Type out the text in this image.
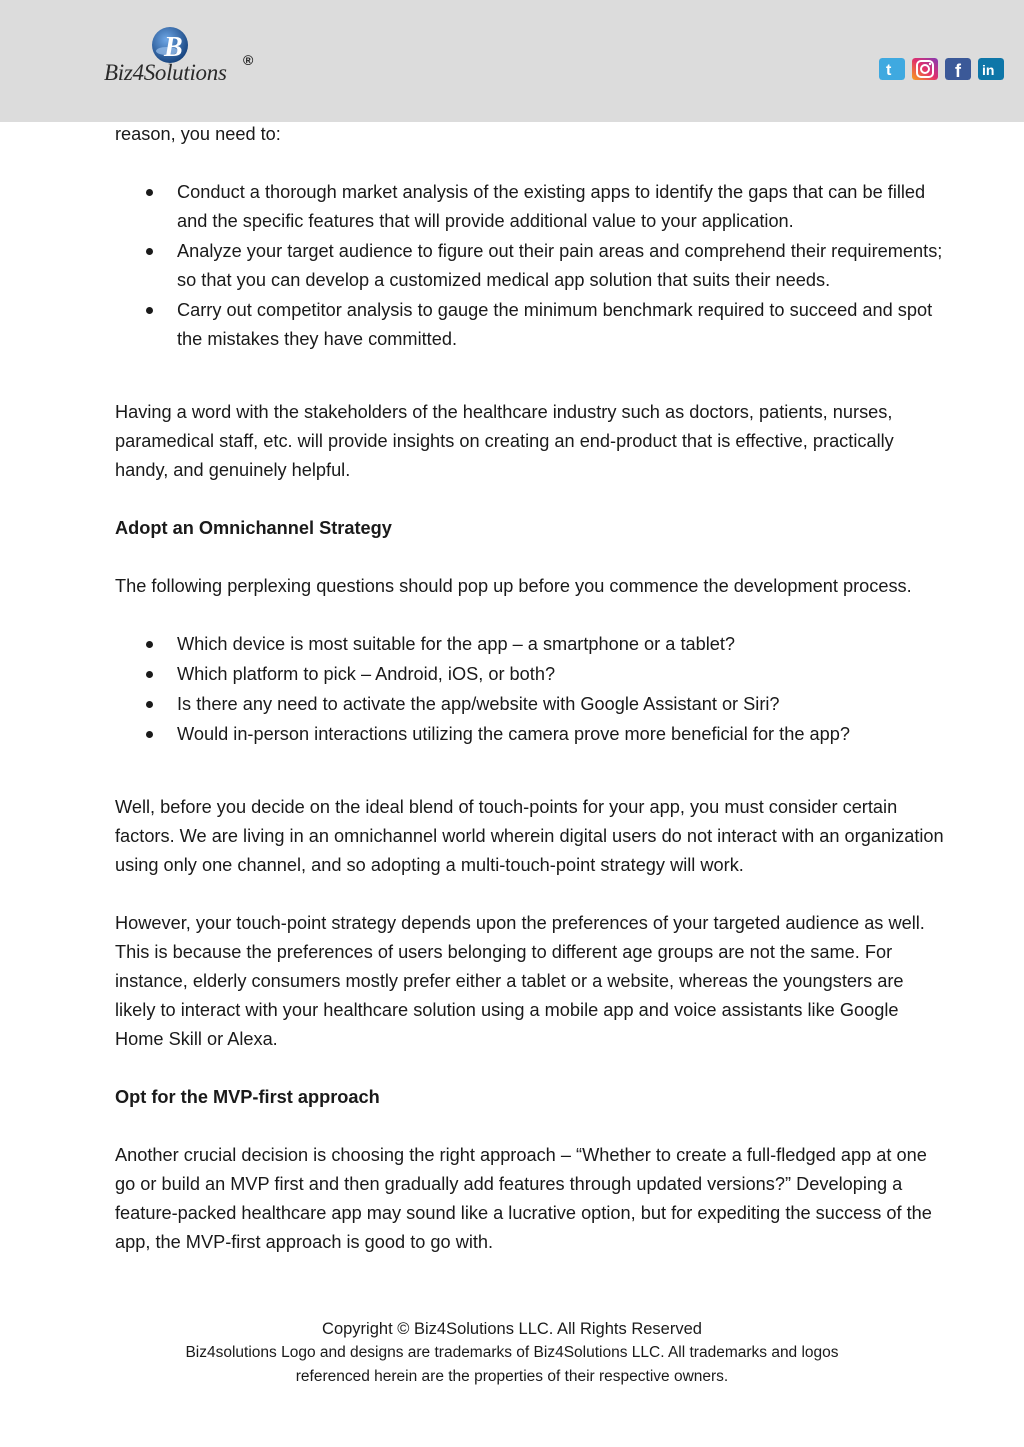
B
Biz4Solutions ®
t	f in

reason, you need to:

Conduct a thorough market analysis of the existing apps to identify the gaps that can be filled and the specific features that will provide additional value to your application.
Analyze your target audience to figure out their pain areas and comprehend their requirements; so that you can develop a customized medical app solution that suits their needs.
Carry out competitor analysis to gauge the minimum benchmark required to succeed and spot the mistakes they have committed.

Having a word with the stakeholders of the healthcare industry such as doctors, patients, nurses, paramedical staff, etc. will provide insights on creating an end-product that is effective, practically handy, and genuinely helpful.

Adopt an Omnichannel Strategy

The following perplexing questions should pop up before you commence the development process.

Which device is most suitable for the app – a smartphone or a tablet?
Which platform to pick – Android, iOS, or both?
Is there any need to activate the app/website with Google Assistant or Siri?
Would in-person interactions utilizing the camera prove more beneficial for the app?

Well, before you decide on the ideal blend of touch-points for your app, you must consider certain factors. We are living in an omnichannel world wherein digital users do not interact with an organization using only one channel, and so adopting a multi-touch-point strategy will work.

However, your touch-point strategy depends upon the preferences of your targeted audience as well. This is because the preferences of users belonging to different age groups are not the same. For instance, elderly consumers mostly prefer either a tablet or a website, whereas the youngsters are likely to interact with your healthcare solution using a mobile app and voice assistants like Google Home Skill or Alexa.

Opt for the MVP-first approach

Another crucial decision is choosing the right approach – “Whether to create a full-fledged app at one go or build an MVP first and then gradually add features through updated versions?” Developing a feature-packed healthcare app may sound like a lucrative option, but for expediting the success of the app, the MVP-first approach is good to go with.

Copyright © Biz4Solutions LLC. All Rights Reserved
Biz4solutions Logo and designs are trademarks of Biz4Solutions LLC. All trademarks and logos
referenced herein are the properties of their respective owners.
